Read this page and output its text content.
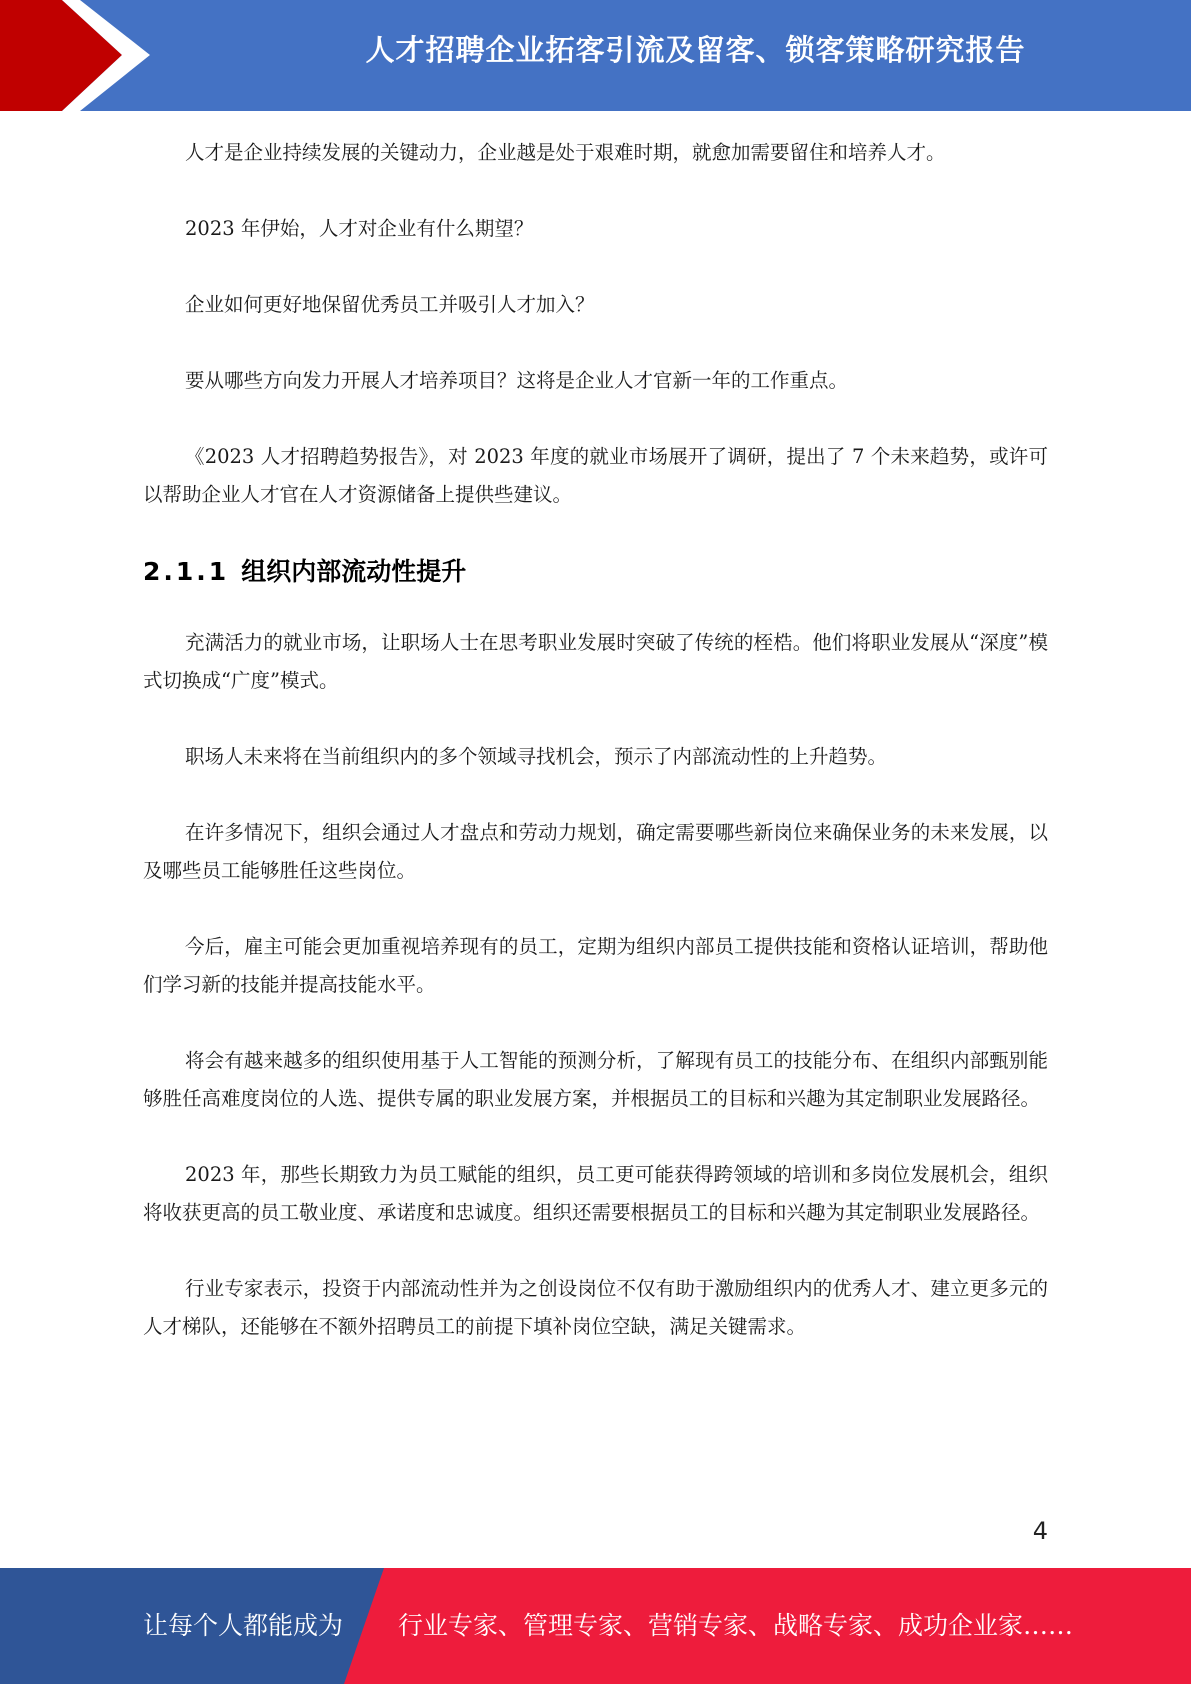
人才招聘企业拓客引流及留客、锁客策略研究报告

人才是企业持续发展的关键动力，企业越是处于艰难时期，就愈加需要留住和培养人才。

2023 年伊始，人才对企业有什么期望？

企业如何更好地保留优秀员工并吸引人才加入？

要从哪些方向发力开展人才培养项目？这将是企业人才官新一年的工作重点。

《2023 人才招聘趋势报告》，对 2023 年度的就业市场展开了调研，提出了 7 个未来趋势，或许可以帮助企业人才官在人才资源储备上提供些建议。

2.1.1 组织内部流动性提升

充满活力的就业市场，让职场人士在思考职业发展时突破了传统的桎梏。他们将职业发展从“深度”模式切换成“广度”模式。

职场人未来将在当前组织内的多个领域寻找机会，预示了内部流动性的上升趋势。

在许多情况下，组织会通过人才盘点和劳动力规划，确定需要哪些新岗位来确保业务的未来发展，以及哪些员工能够胜任这些岗位。

今后，雇主可能会更加重视培养现有的员工，定期为组织内部员工提供技能和资格认证培训，帮助他们学习新的技能并提高技能水平。

将会有越来越多的组织使用基于人工智能的预测分析，了解现有员工的技能分布、在组织内部甄别能够胜任高难度岗位的人选、提供专属的职业发展方案，并根据员工的目标和兴趣为其定制职业发展路径。

2023 年，那些长期致力为员工赋能的组织，员工更可能获得跨领域的培训和多岗位发展机会，组织将收获更高的员工敬业度、承诺度和忠诚度。组织还需要根据员工的目标和兴趣为其定制职业发展路径。

行业专家表示，投资于内部流动性并为之创设岗位不仅有助于激励组织内的优秀人才、建立更多元的人才梯队，还能够在不额外招聘员工的前提下填补岗位空缺，满足关键需求。

4
让每个人都能成为 行业专家、管理专家、营销专家、战略专家、成功企业家……
